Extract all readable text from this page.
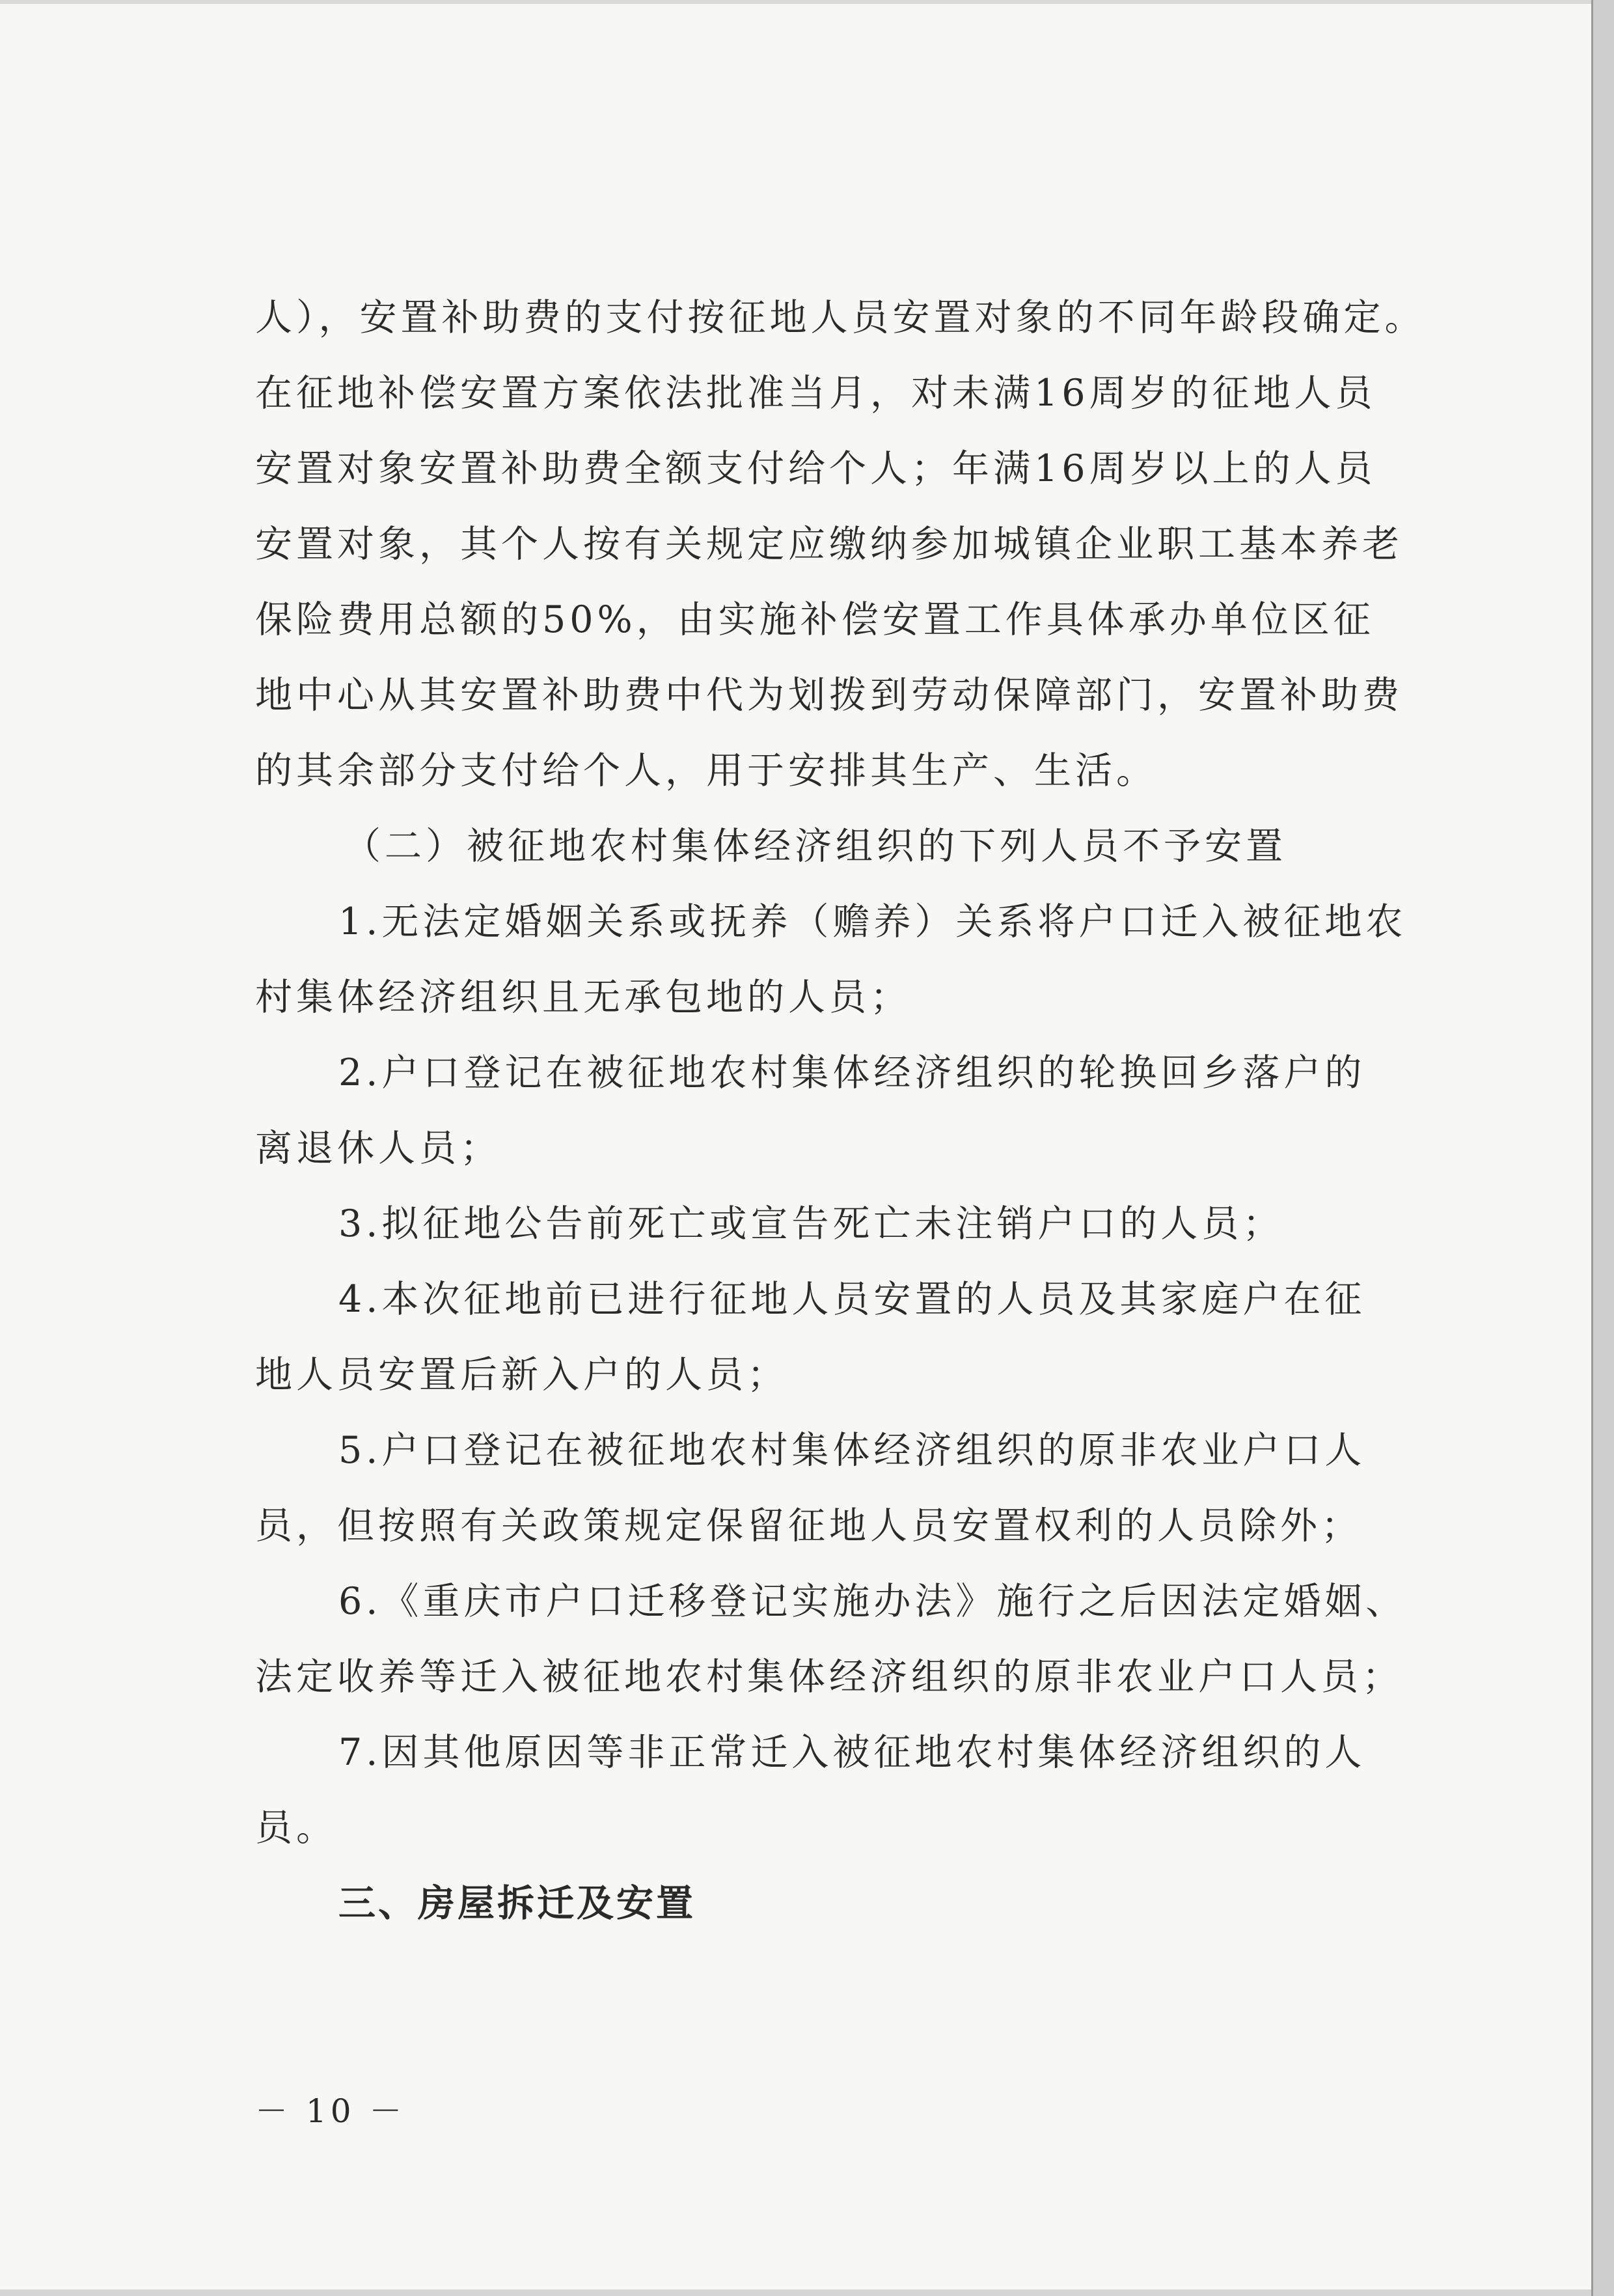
人），安置补助费的支付按征地人员安置对象的不同年龄段确定。
在征地补偿安置方案依法批准当月，对未满16周岁的征地人员
安置对象安置补助费全额支付给个人；年满16周岁以上的人员
安置对象，其个人按有关规定应缴纳参加城镇企业职工基本养老
保险费用总额的50%，由实施补偿安置工作具体承办单位区征
地中心从其安置补助费中代为划拨到劳动保障部门，安置补助费
的其余部分支付给个人，用于安排其生产、生活。
（二）被征地农村集体经济组织的下列人员不予安置
1.无法定婚姻关系或抚养（赡养）关系将户口迁入被征地农
村集体经济组织且无承包地的人员；
2.户口登记在被征地农村集体经济组织的轮换回乡落户的
离退休人员；
3.拟征地公告前死亡或宣告死亡未注销户口的人员；
4.本次征地前已进行征地人员安置的人员及其家庭户在征
地人员安置后新入户的人员；
5.户口登记在被征地农村集体经济组织的原非农业户口人
员，但按照有关政策规定保留征地人员安置权利的人员除外；
6.《重庆市户口迁移登记实施办法》施行之后因法定婚姻、
法定收养等迁入被征地农村集体经济组织的原非农业户口人员；
7.因其他原因等非正常迁入被征地农村集体经济组织的人
员。
三、房屋拆迁及安置
－ 10 －
